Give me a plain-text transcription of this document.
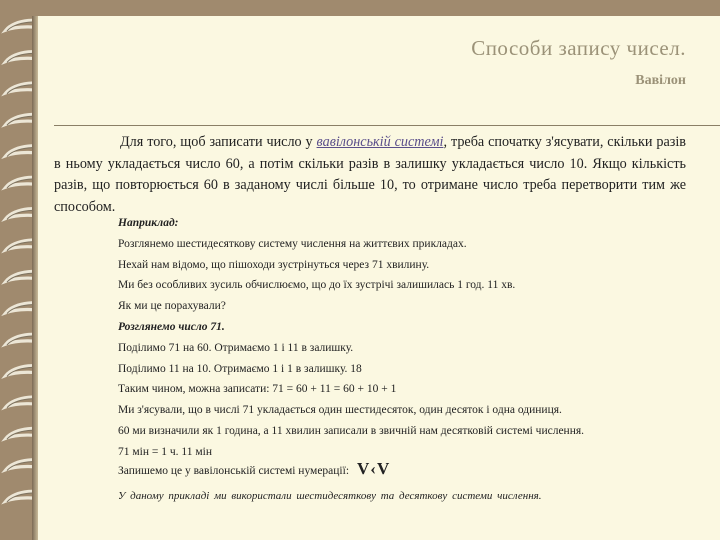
Способи запису чисел.
Вавілон
Для того, щоб записати число у вавілонській системі, треба спочатку з'ясувати, скільки разів в ньому укладається число 60, а потім скільки разів в залишку укладається число 10. Якщо кількість разів, що повторюється 60 в заданому числі більше 10, то отримане число треба перетворити тим же способом.
Наприклад:
Розглянемо шестидесяткову систему числення на життєвих прикладах.
Нехай нам відомо, що пішоходи зустрінуться через 71 хвилину.
Ми без особливих зусиль обчислюємо, що до їх зустрічі залишилась 1 год. 11 хв.
Як ми це порахували?
Розглянемо число 71.
Поділимо 71 на 60. Отримаємо 1 і 11 в залишку.
Поділимо 11 на 10. Отримаємо 1 і 1 в залишку. 18
Таким чином, можна записати: 71 = 60 + 11 = 60 + 10 + 1
Ми з'ясували, що в числі 71 укладається один шестидесяток, один десяток і одна одиниця.
60 ми визначили як 1 година, а 11 хвилин записали в звичній нам десятковій системі числення.
71 мін = 1 ч. 11 мін
Запишемо це у вавілонській системі нумерації: V‹V
У даному прикладі ми використали шестидесяткову та десяткову системи числення.
